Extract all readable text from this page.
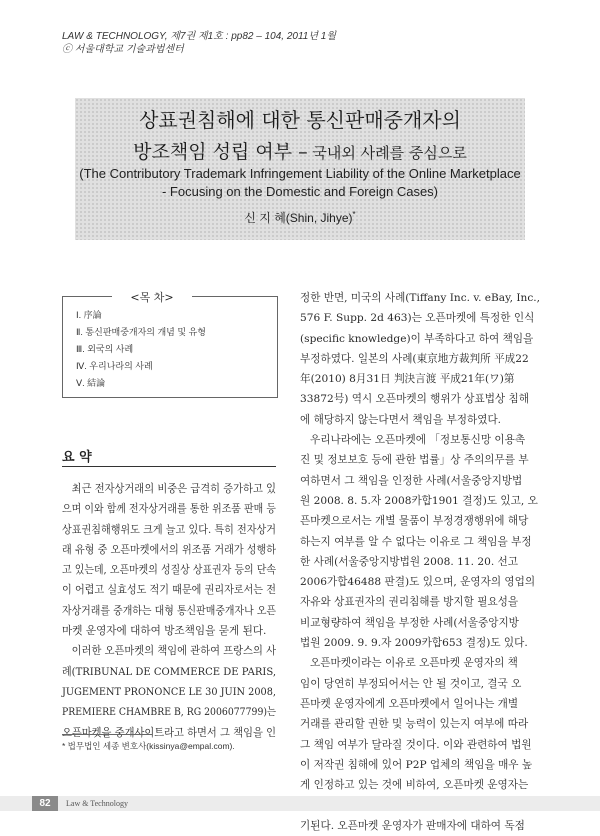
LAW & TECHNOLOGY, 제7권 제1호 : pp82 – 104, 2011년 1월
ⓒ 서울대학교 기술과법센터
상표권침해에 대한 통신판매중개자의
방조책임 성립 여부 – 국내외 사례를 중심으로
(The Contributory Trademark Infringement Liability of the Online Marketplace
- Focusing on the Domestic and Foreign Cases)
신 지 혜(Shin, Jihye)*
<목 차>
Ⅰ. 序論
Ⅱ. 통신판매중개자의 개념 및 유형
Ⅲ. 외국의 사례
Ⅳ. 우리나라의 사례
Ⅴ. 結論
요 약
최근 전자상거래의 비중은 급격히 증가하고 있
으며 이와 함께 전자상거래를 통한 위조품 판매 등
상표권침해행위도 크게 늘고 있다. 특히 전자상거
래 유형 중 오픈마켓에서의 위조품 거래가 성행하
고 있는데, 오픈마켓의 성질상 상표권자 등의 단속
이 어렵고 실효성도 적기 때문에 권리자로서는 전
자상거래를 중개하는 대형 통신판매중개자나 오픈
마켓 운영자에 대하여 방조책임을 묻게 된다.
이러한 오픈마켓의 책임에 관하여 프랑스의 사
례(TRIBUNAL DE COMMERCE DE PARIS,
JUGEMENT PRONONCE LE 30 JUIN 2008,
PREMIERE CHAMBRE B, RG 2006077799)는
오픈마켓을 중개사이트라고 하면서 그 책임을 인
정한 반면, 미국의 사례(Tiffany Inc. v. eBay, Inc.,
576 F. Supp. 2d 463)는 오픈마켓에 특정한 인식
(specific knowledge)이 부족하다고 하여 책임을
부정하였다. 일본의 사례(東京地方裁判所 平成22
年(2010) 8月31日 判決言渡 平成21年(ワ)第
33872号) 역시 오픈마켓의 행위가 상표법상 침해
에 해당하지 않는다면서 책임을 부정하였다.
우리나라에는 오픈마켓에 「정보통신망 이용촉
진 및 정보보호 등에 관한 법률」상 주의의무를 부
여하면서 그 책임을 인정한 사례(서울중앙지방법
원 2008. 8. 5.자 2008카합1901 결정)도 있고, 오
픈마켓으로서는 개별 물품이 부정경쟁행위에 해당
하는지 여부를 알 수 없다는 이유로 그 책임을 부정
한 사례(서울중앙지방법원 2008. 11. 20. 선고
2006가합46488 판결)도 있으며, 운영자의 영업의
자유와 상표권자의 권리침해를 방지할 필요성을
비교형량하여 책임을 부정한 사례(서울중앙지방
법원 2009. 9. 9.자 2009카합653 결정)도 있다.
오픈마켓이라는 이유로 오픈마켓 운영자의 책
임이 당연히 부정되어서는 안 될 것이고, 결국 오
픈마켓 운영자에게 오픈마켓에서 일어나는 개별
거래를 관리할 권한 및 능력이 있는지 여부에 따라
그 책임 여부가 달라질 것이다. 이와 관련하여 법원
이 저작권 침해에 있어 P2P 업체의 책임을 매우 높
게 인정하고 있는 것에 비하여, 오픈마켓 운영자는
기된다. 오픈마켓 운영자가 판매자에 대하여 독점
* 법무법인 세종 변호사(kissinya@empal.com).
82	Law & Technology
